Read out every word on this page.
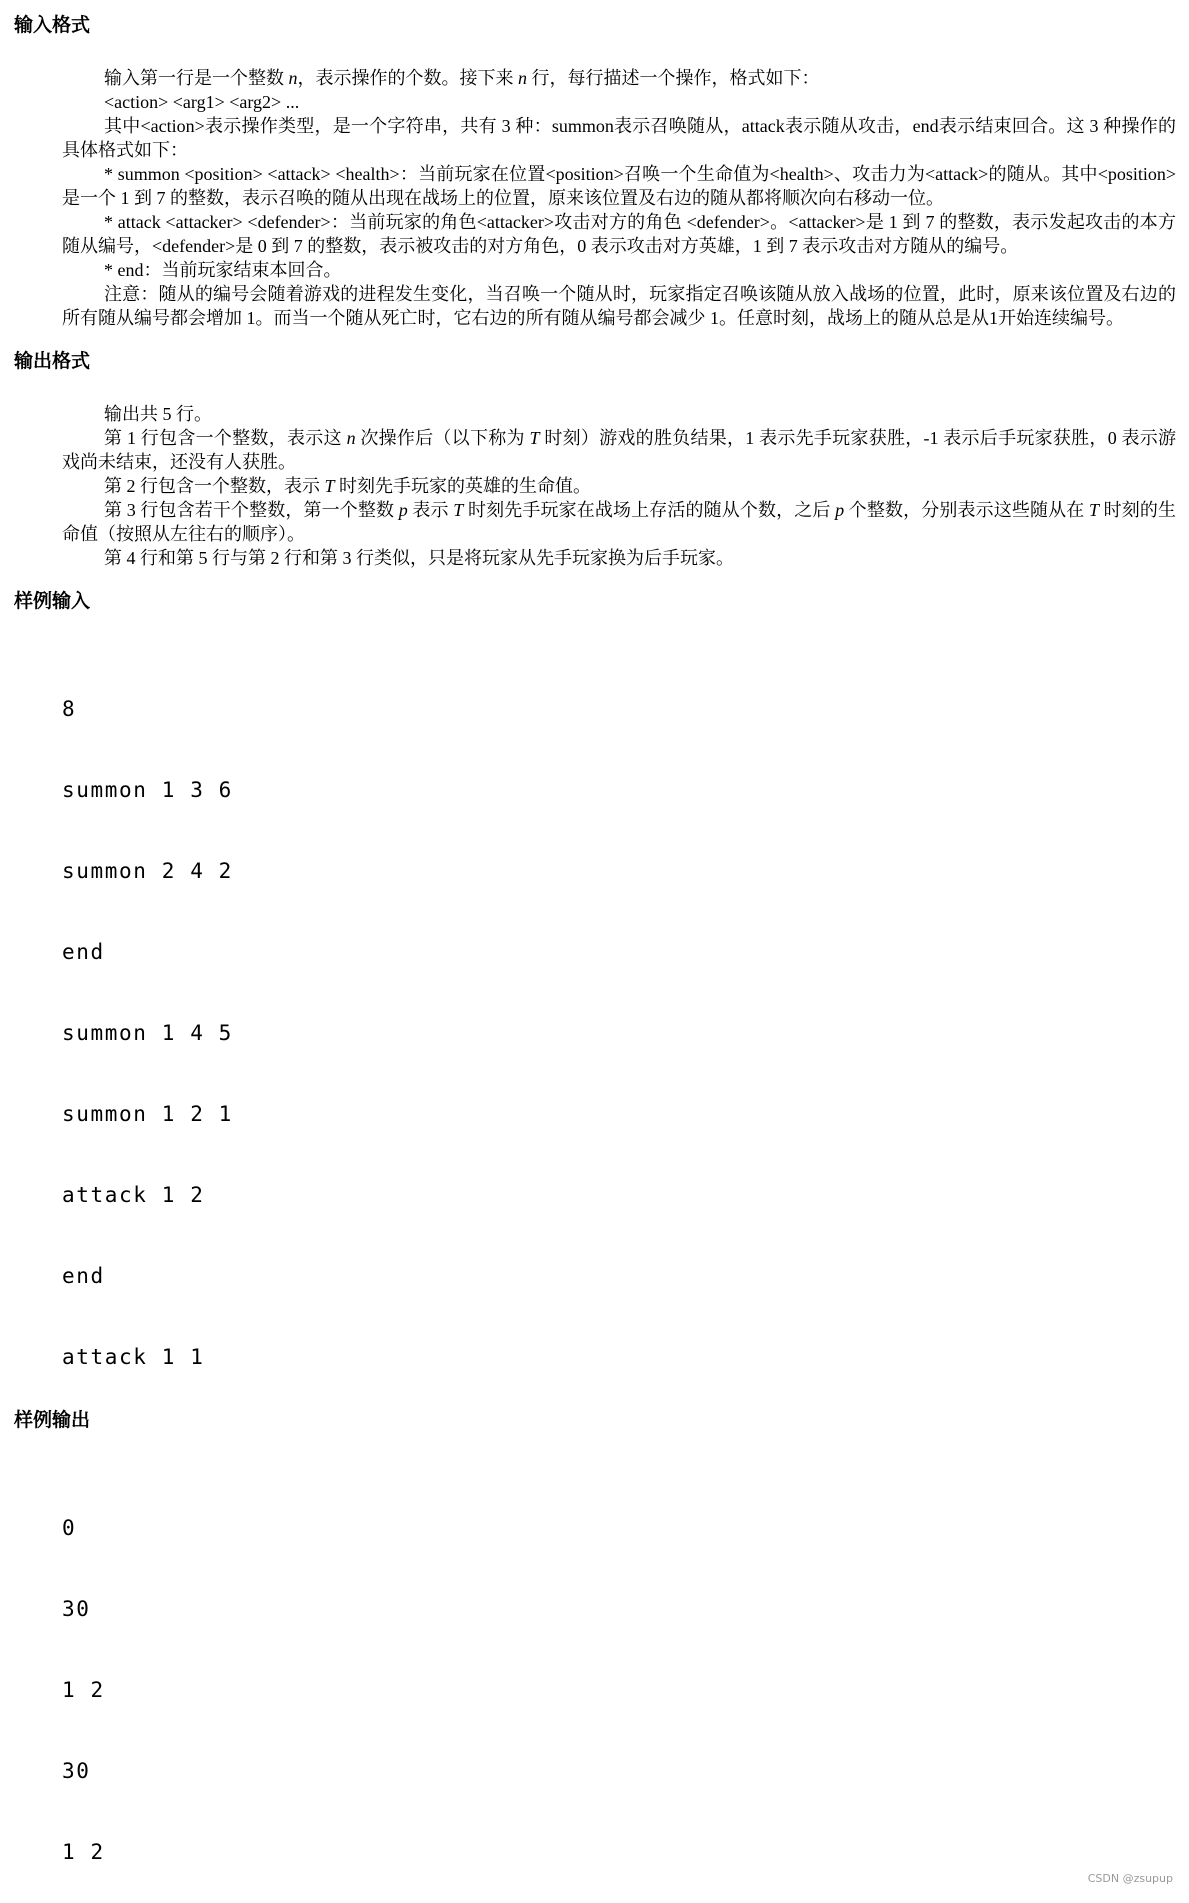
输入格式

输入第一行是一个整数 n，表示操作的个数。接下来 n 行，每行描述一个操作，格式如下：

<action> <arg1> <arg2> ...

其中<action>表示操作类型，是一个字符串，共有 3 种：summon表示召唤随从，attack表示随从攻击，end表示结束回合。这 3 种操作的具体格式如下：

* summon <position> <attack> <health>：当前玩家在位置<position>召唤一个生命值为<health>、攻击力为<attack>的随从。其中<position>是一个 1 到 7 的整数，表示召唤的随从出现在战场上的位置，原来该位置及右边的随从都将顺次向右移动一位。

* attack <attacker> <defender>：当前玩家的角色<attacker>攻击对方的角色 <defender>。<attacker>是 1 到 7 的整数，表示发起攻击的本方随从编号，<defender>是 0 到 7 的整数，表示被攻击的对方角色，0 表示攻击对方英雄，1 到 7 表示攻击对方随从的编号。

* end：当前玩家结束本回合。

注意：随从的编号会随着游戏的进程发生变化，当召唤一个随从时，玩家指定召唤该随从放入战场的位置，此时，原来该位置及右边的所有随从编号都会增加 1。而当一个随从死亡时，它右边的所有随从编号都会减少 1。任意时刻，战场上的随从总是从1开始连续编号。

输出格式

输出共 5 行。

第 1 行包含一个整数，表示这 n 次操作后（以下称为 T 时刻）游戏的胜负结果，1 表示先手玩家获胜，-1 表示后手玩家获胜，0 表示游戏尚未结束，还没有人获胜。

第 2 行包含一个整数，表示 T 时刻先手玩家的英雄的生命值。

第 3 行包含若干个整数，第一个整数 p 表示 T 时刻先手玩家在战场上存活的随从个数，之后 p 个整数，分别表示这些随从在 T 时刻的生命值（按照从左往右的顺序）。

第 4 行和第 5 行与第 2 行和第 3 行类似，只是将玩家从先手玩家换为后手玩家。

样例输入

8

summon 1 3 6

summon 2 4 2

end

summon 1 4 5

summon 1 2 1

attack 1 2

end

attack 1 1

样例输出

0

30

1 2

30

1 2

CSDN @zsupup
